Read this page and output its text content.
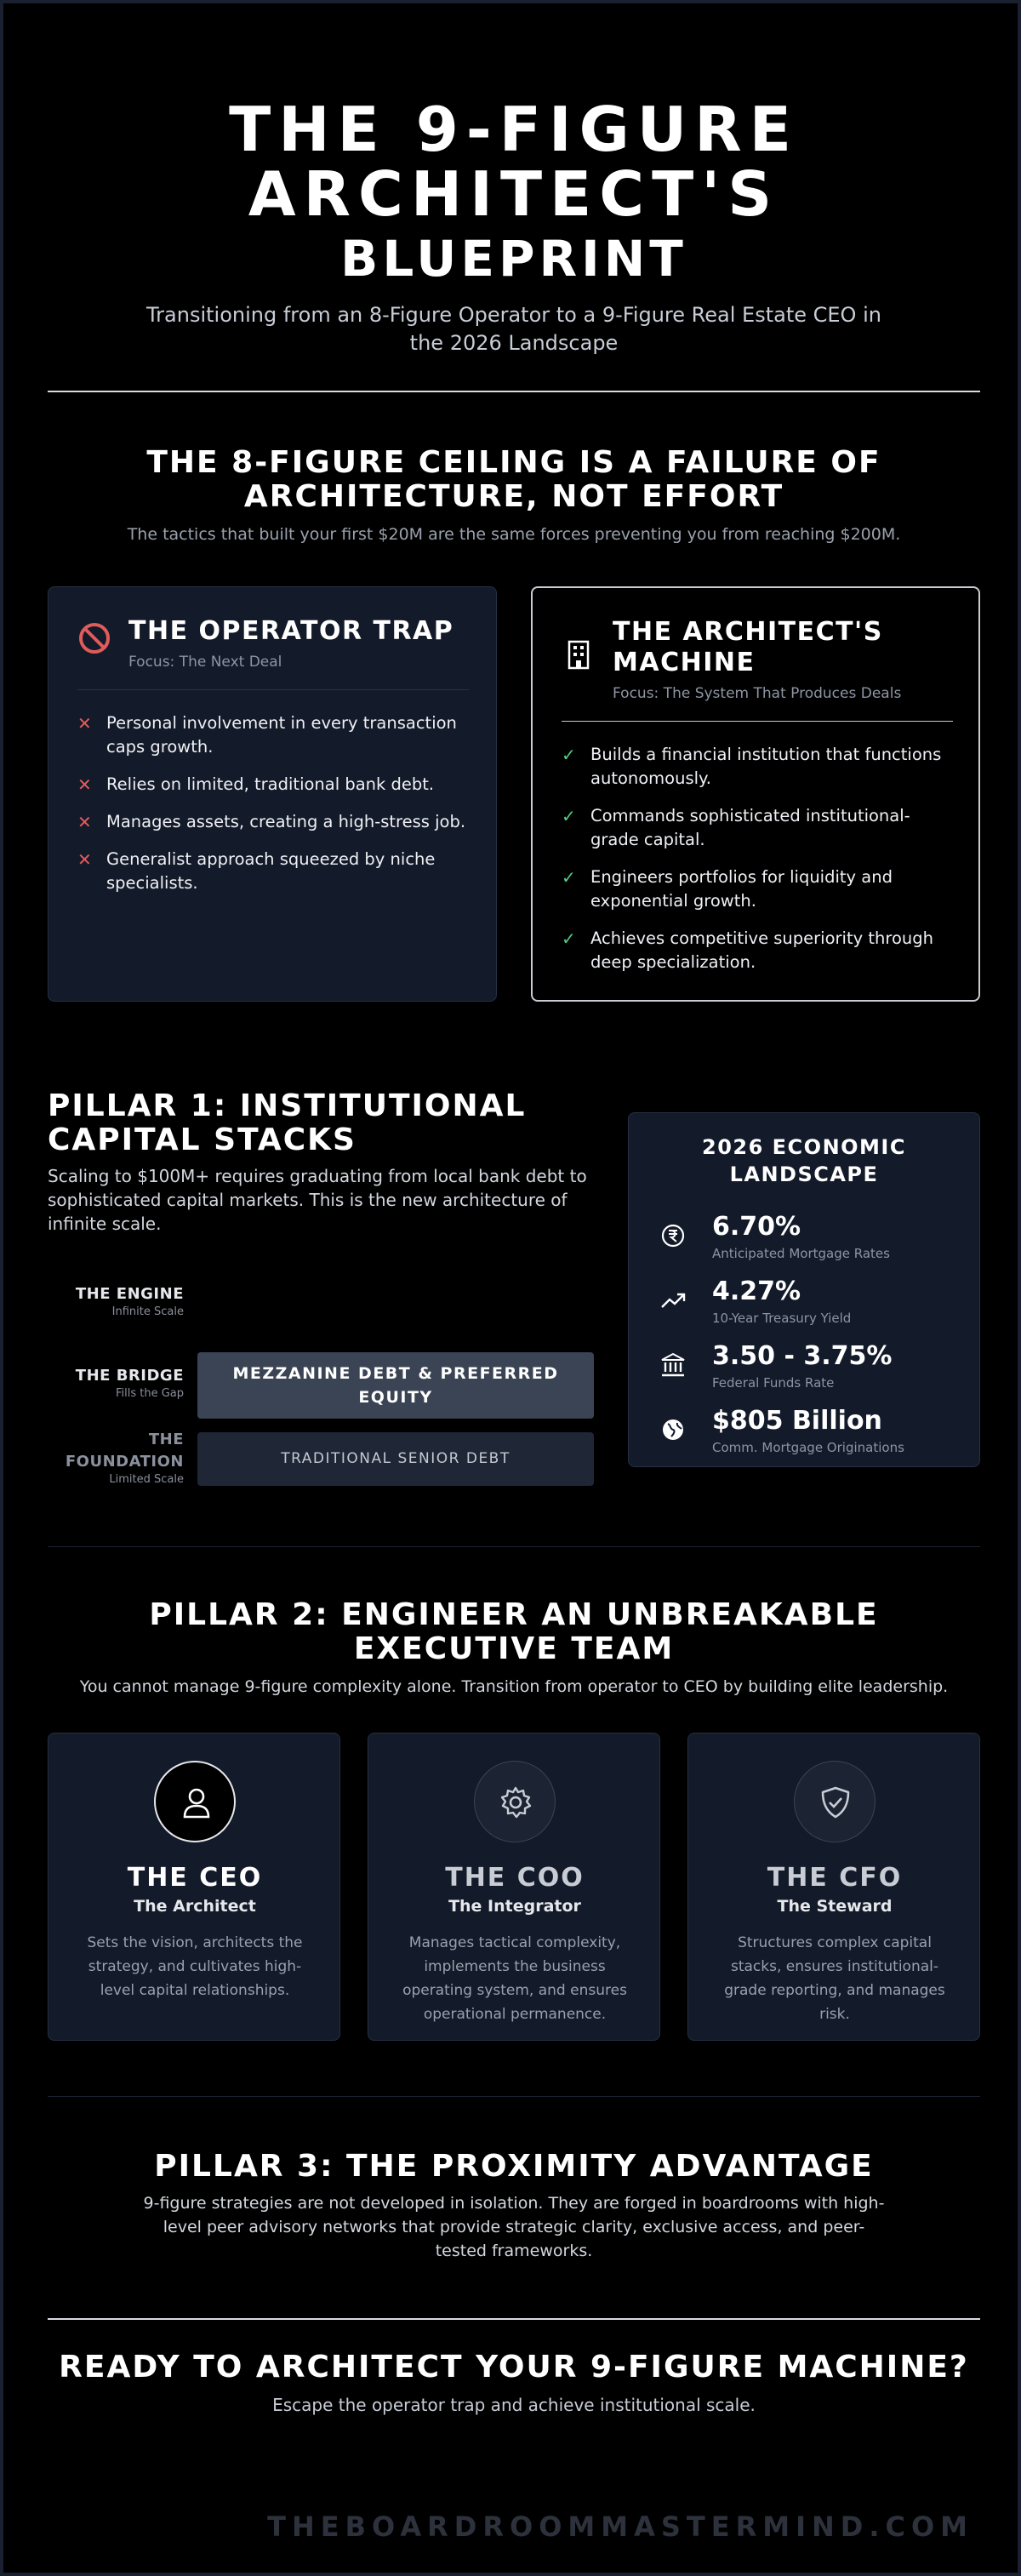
THE 9-FIGURE
ARCHITECT'S
BLUEPRINT

Transitioning from an 8-Figure Operator to a 9-Figure Real Estate CEO in the 2026 Landscape

THE 8-FIGURE CEILING IS A FAILURE OF ARCHITECTURE, NOT EFFORT

The tactics that built your first $20M are the same forces preventing you from reaching $200M.

THE OPERATOR TRAP
Focus: The Next Deal
✕ Personal involvement in every transaction caps growth.
✕ Relies on limited, traditional bank debt.
✕ Manages assets, creating a high-stress job.
✕ Generalist approach squeezed by niche specialists.
THE ARCHITECT'S MACHINE
Focus: The System That Produces Deals
✓ Builds a financial institution that functions autonomously.
✓ Commands sophisticated institutional-grade capital.
✓ Engineers portfolios for liquidity and exponential growth.
✓ Achieves competitive superiority through deep specialization.
PILLAR 1: INSTITUTIONAL CAPITAL STACKS

Scaling to $100M+ requires graduating from local bank debt to sophisticated capital markets. This is the new architecture of infinite scale.

THE ENGINE
Infinite Scale
THE BRIDGE
Fills the Gap
THE FOUNDATION
Limited Scale
MEZZANINE DEBT & PREFERRED EQUITY
TRADITIONAL SENIOR DEBT
2026 ECONOMIC LANDSCAPE
6.70%
Anticipated Mortgage Rates
4.27%
10-Year Treasury Yield
3.50 - 3.75%
Federal Funds Rate
$805 Billion
Comm. Mortgage Originations
PILLAR 2: ENGINEER AN UNBREAKABLE EXECUTIVE TEAM

You cannot manage 9-figure complexity alone. Transition from operator to CEO by building elite leadership.

THE CEO
The Architect
Sets the vision, architects the strategy, and cultivates high-level capital relationships.
THE COO
The Integrator
Manages tactical complexity, implements the business operating system, and ensures operational permanence.
THE CFO
The Steward
Structures complex capital stacks, ensures institutional-grade reporting, and manages risk.
PILLAR 3: THE PROXIMITY ADVANTAGE

9-figure strategies are not developed in isolation. They are forged in boardrooms with high-level peer advisory networks that provide strategic clarity, exclusive access, and peer-tested frameworks.

READY TO ARCHITECT YOUR 9-FIGURE MACHINE?

Escape the operator trap and achieve institutional scale.

THEBOARDROOMMASTERMIND.COM
